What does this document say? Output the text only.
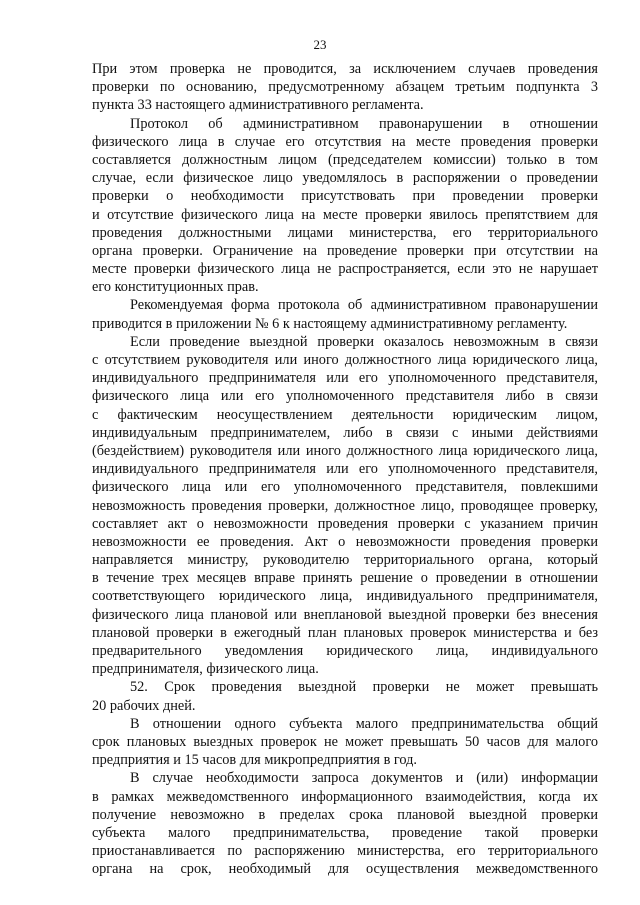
23
При этом проверка не проводится, за исключением случаев проведения
проверки по основанию, предусмотренному абзацем третьим подпункта 3
пункта 33 настоящего административного регламента.
Протокол об административном правонарушении в отношении
физического лица в случае его отсутствия на месте проведения проверки
составляется должностным лицом (председателем комиссии) только в том
случае, если физическое лицо уведомлялось в распоряжении о проведении
проверки о необходимости присутствовать при проведении проверки
и отсутствие физического лица на месте проверки явилось препятствием для
проведения должностными лицами министерства, его территориального
органа проверки. Ограничение на проведение проверки при отсутствии на
месте проверки физического лица не распространяется, если это не нарушает
его конституционных прав.
Рекомендуемая форма протокола об административном правонарушении
приводится в приложении № 6 к настоящему административному регламенту.
Если проведение выездной проверки оказалось невозможным в связи
с отсутствием руководителя или иного должностного лица юридического лица,
индивидуального предпринимателя или его уполномоченного представителя,
физического лица или его уполномоченного представителя либо в связи
с фактическим неосуществлением деятельности юридическим лицом,
индивидуальным предпринимателем, либо в связи с иными действиями
(бездействием) руководителя или иного должностного лица юридического лица,
индивидуального предпринимателя или его уполномоченного представителя,
физического лица или его уполномоченного представителя, повлекшими
невозможность проведения проверки, должностное лицо, проводящее проверку,
составляет акт о невозможности проведения проверки с указанием причин
невозможности ее проведения. Акт о невозможности проведения проверки
направляется министру, руководителю территориального органа, который
в течение трех месяцев вправе принять решение о проведении в отношении
соответствующего юридического лица, индивидуального предпринимателя,
физического лица плановой или внеплановой выездной проверки без внесения
плановой проверки в ежегодный план плановых проверок министерства и без
предварительного уведомления юридического лица, индивидуального
предпринимателя, физического лица.
52. Срок проведения выездной проверки не может превышать
20 рабочих дней.
В отношении одного субъекта малого предпринимательства общий
срок плановых выездных проверок не может превышать 50 часов для малого
предприятия и 15 часов для микропредприятия в год.
В случае необходимости запроса документов и (или) информации
в рамках межведомственного информационного взаимодействия, когда их
получение невозможно в пределах срока плановой выездной проверки
субъекта малого предпринимательства, проведение такой проверки
приостанавливается по распоряжению министерства, его территориального
органа на срок, необходимый для осуществления межведомственного
